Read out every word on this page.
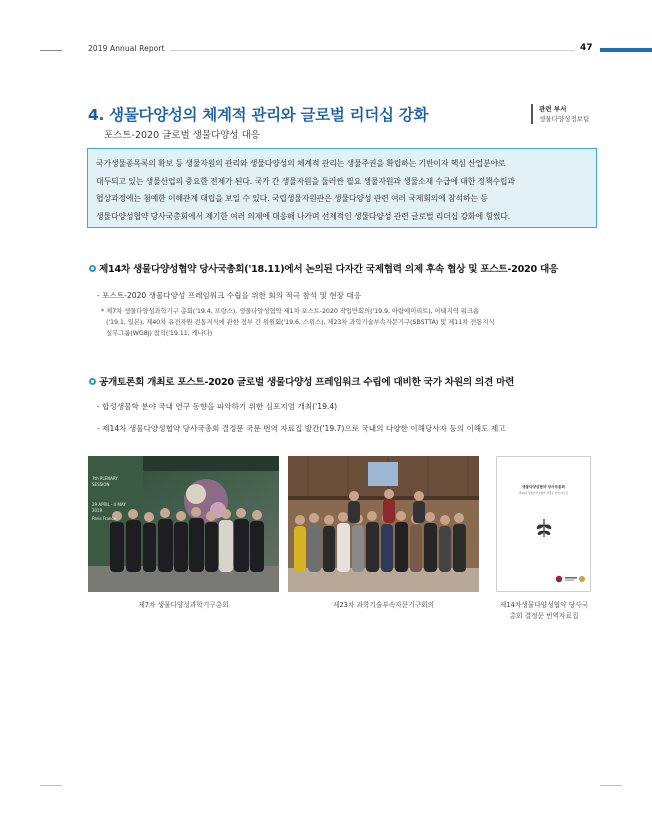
2019 Annual Report	47
4. 생물다양성의 체계적 관리와 글로벌 리더십 강화
포스트-2020 글로벌 생물다양성 대응
관련 부서
생물다양성정보팀

국가생물종목록의 확보 등 생물자원의 관리와 생물다양성의 체계적 관리는 생물주권을 확립하는 기반이자 핵심 산업분야로

대두되고 있는 생물산업의 중요한 전제가 된다. 국가 간 생물자원을 둘러싼 필요 생물자원과 생물소재 수급에 대한 정책수립과

협상과정에는 첨예한 이해관계 대립을 보일 수 있다. 국립생물자원관은 생물다양성 관련 여러 국제회의에 참석하는 등

생물다양성협약 당사국총회에서 제기한 여러 의제에 대응해 나가며 선제적인 생물다양성 관련 글로벌 리더십 강화에 힘썼다.

제14차 생물다양성협약 당사국총회('18.11)에서 논의된 다자간 국제협력 의제 후속 협상 및 포스트-2020 대응
- 포스트-2020 생물다양성 프레임워크 수립을 위한 회의 적극 참석 및 현장 대응
* 제7차 생물다양성과학기구 총회('19.4, 프랑스), 생물다양성협약 제1차 포스트-2020 작업반회의('19.9, 아랍에미리트), 아태지역 워크숍
('19.1, 일본), 제40차 유전자원 전통지식에 관한 정부 간 위원회('19.6, 스위스), 제23차 과학기술부속자문기구(SBSTTA) 및 제11차 전통지식
실무그룹(WG8j) 참석('19.11, 캐나다)
공개토론회 개최로 포스트-2020 글로벌 생물다양성 프레임워크 수립에 대비한 국가 차원의 의견 마련
- 합성생물학 분야 국내 연구 동향을 파악하기 위한 심포지엄 개최('19.4)
- 제14차 생물다양성협약 당사국총회 결정문 국문 번역 자료집 발간('19.7)으로 국내의 다양한 이해당사자 등의 이해도 제고
7th PLENARY SESSION
29 APRIL - 4 MAY 2019
Paris France
제7차 생물다양성과학기구총회	제23차 과학기술부속자문기구회의
생물다양성협약 당사국총회
제14차 생물다양성협약 결정문 번역 자료집
제14차생물다양성협약 당사국
총회 결정문 번역자료집
